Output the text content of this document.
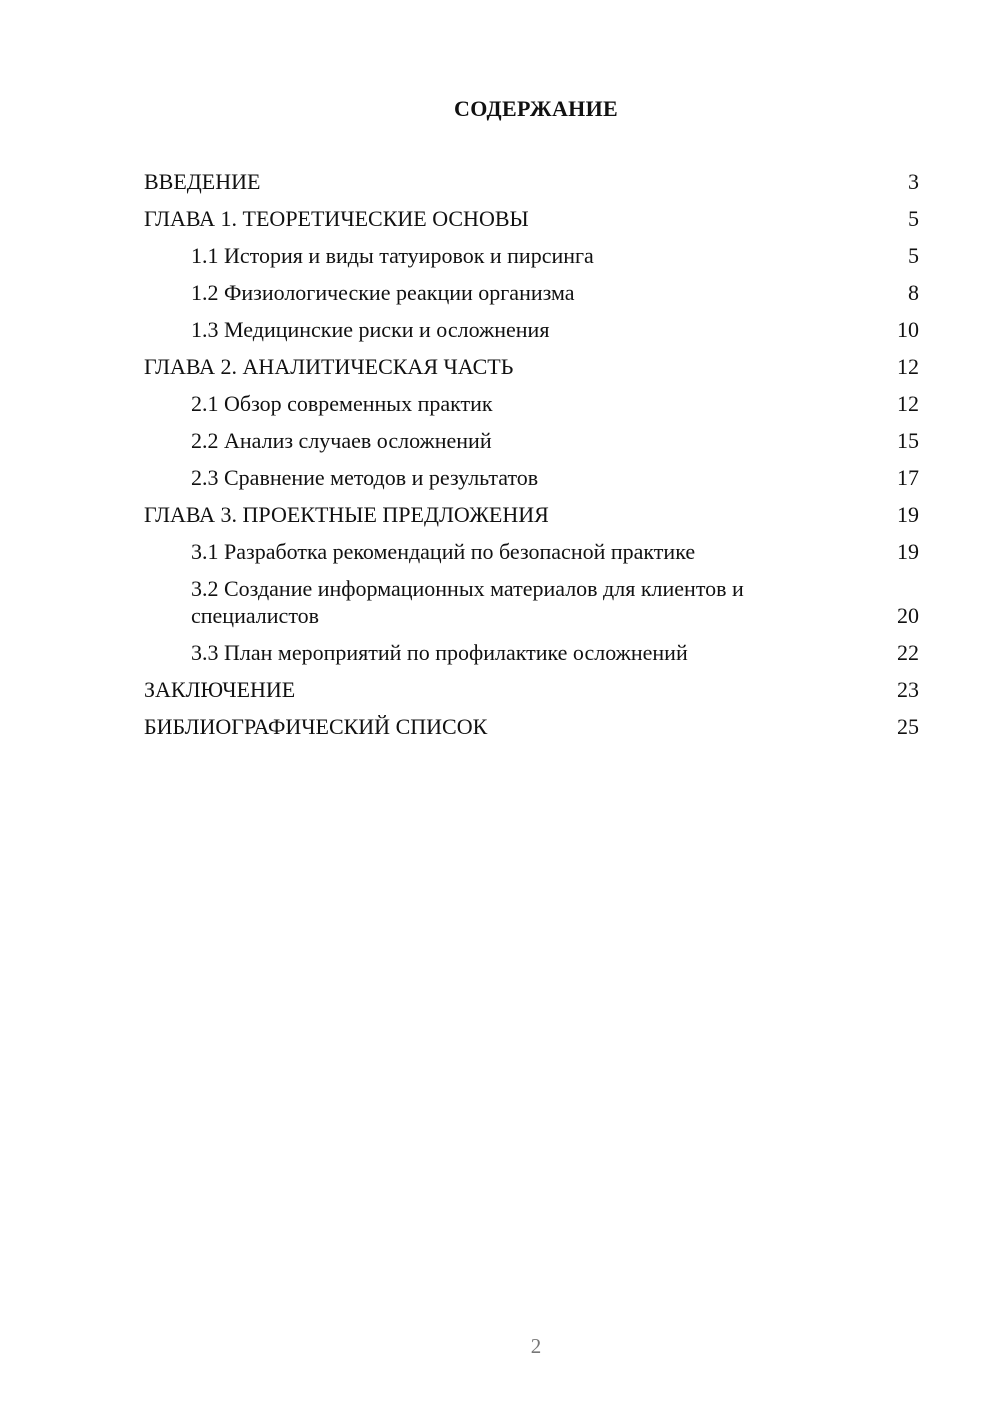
СОДЕРЖАНИЕ
ВВЕДЕНИЕ	3
ГЛАВА 1. ТЕОРЕТИЧЕСКИЕ ОСНОВЫ	5
1.1 История и виды татуировок и пирсинга	5
1.2 Физиологические реакции организма	8
1.3 Медицинские риски и осложнения	10
ГЛАВА 2. АНАЛИТИЧЕСКАЯ ЧАСТЬ	12
2.1 Обзор современных практик	12
2.2 Анализ случаев осложнений	15
2.3 Сравнение методов и результатов	17
ГЛАВА 3. ПРОЕКТНЫЕ ПРЕДЛОЖЕНИЯ	19
3.1 Разработка рекомендаций по безопасной практике	19
3.2 Создание информационных материалов для клиентов и специалистов	20
3.3 План мероприятий по профилактике осложнений	22
ЗАКЛЮЧЕНИЕ	23
БИБЛИОГРАФИЧЕСКИЙ СПИСОК	25
2
